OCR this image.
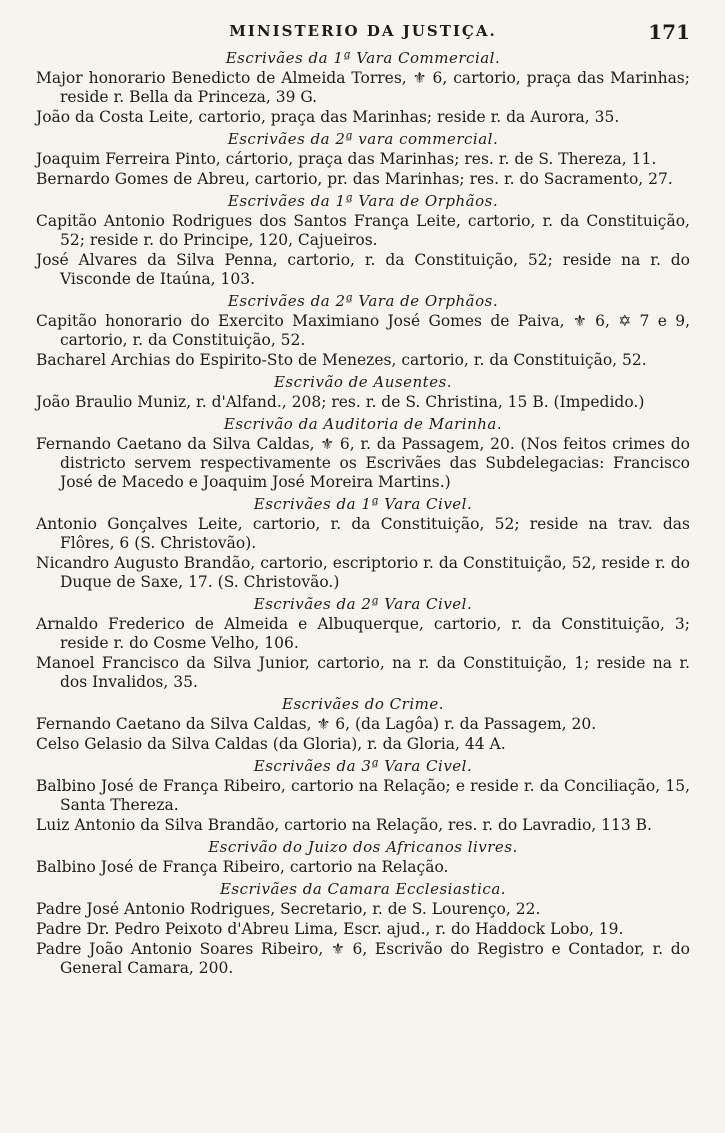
MINISTERIO DA JUSTIÇA.	171
Escrivães da 1ª Vara Commercial.

Major honorario Benedicto de Almeida Torres, ⚜ 6, cartorio, praça das Marinhas; reside r. Bella da Princeza, 39 G.

João da Costa Leite, cartorio, praça das Marinhas; reside r. da Aurora, 35.

Escrivães da 2ª vara commercial.

Joaquim Ferreira Pinto, cártorio, praça das Marinhas; res. r. de S. Thereza, 11.

Bernardo Gomes de Abreu, cartorio, pr. das Marinhas; res. r. do Sacramento, 27.

Escrivães da 1ª Vara de Orphãos.

Capitão Antonio Rodrigues dos Santos França Leite, cartorio, r. da Constituição, 52; reside r. do Principe, 120, Cajueiros.

José Alvares da Silva Penna, cartorio, r. da Constituição, 52; reside na r. do Visconde de Itaúna, 103.

Escrivães da 2ª Vara de Orphãos.

Capitão honorario do Exercito Maximiano José Gomes de Paiva, ⚜ 6, ✡ 7 e 9, cartorio, r. da Constituição, 52.

Bacharel Archias do Espirito-Sto de Menezes, cartorio, r. da Constituição, 52.

Escrivão de Ausentes.

João Braulio Muniz, r. d'Alfand., 208; res. r. de S. Christina, 15 B. (Impedido.)

Escrivão da Auditoria de Marinha.

Fernando Caetano da Silva Caldas, ⚜ 6, r. da Passagem, 20. (Nos feitos crimes do districto servem respectivamente os Escrivães das Subdelegacias: Francisco José de Macedo e Joaquim José Moreira Martins.)

Escrivães da 1ª Vara Civel.

Antonio Gonçalves Leite, cartorio, r. da Constituição, 52; reside na trav. das Flôres, 6 (S. Christovão).

Nicandro Augusto Brandão, cartorio, escriptorio r. da Constituição, 52, reside r. do Duque de Saxe, 17. (S. Christovão.)

Escrivães da 2ª Vara Civel.

Arnaldo Frederico de Almeida e Albuquerque, cartorio, r. da Constituição, 3; reside r. do Cosme Velho, 106.

Manoel Francisco da Silva Junior, cartorio, na r. da Constituição, 1; reside na r. dos Invalidos, 35.

Escrivães do Crime.

Fernando Caetano da Silva Caldas, ⚜ 6, (da Lagôa) r. da Passagem, 20.

Celso Gelasio da Silva Caldas (da Gloria), r. da Gloria, 44 A.

Escrivães da 3ª Vara Civel.

Balbino José de França Ribeiro, cartorio na Relação; e reside r. da Conciliação, 15, Santa Thereza.

Luiz Antonio da Silva Brandão, cartorio na Relação, res. r. do Lavradio, 113 B.

Escrivão do Juizo dos Africanos livres.

Balbino José de França Ribeiro, cartorio na Relação.

Escrivães da Camara Ecclesiastica.

Padre José Antonio Rodrigues, Secretario, r. de S. Lourenço, 22.

Padre Dr. Pedro Peixoto d'Abreu Lima, Escr. ajud., r. do Haddock Lobo, 19.

Padre João Antonio Soares Ribeiro, ⚜ 6, Escrivão do Registro e Contador, r. do General Camara, 200.
